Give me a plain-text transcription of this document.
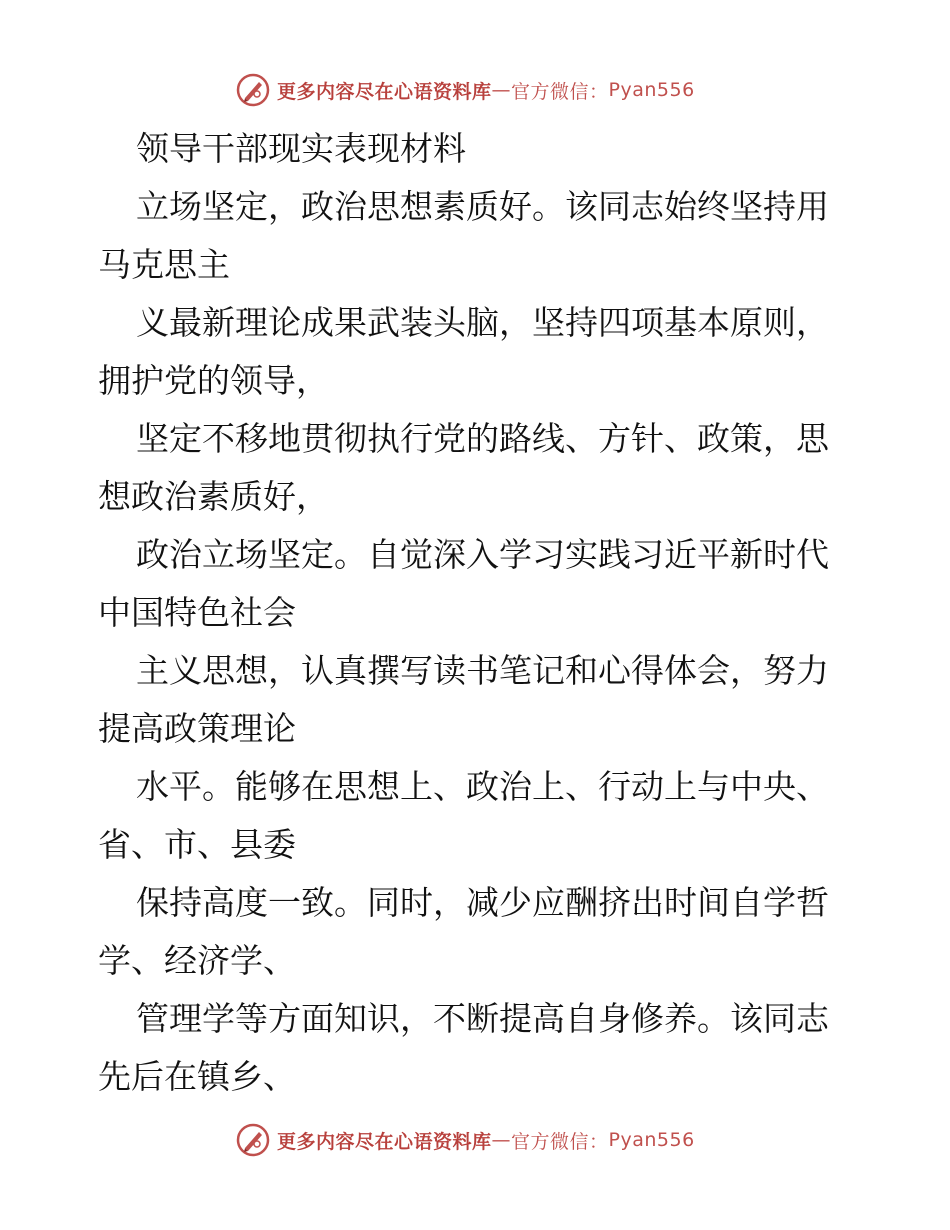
更多内容尽在心语资料库 — 官方微信： Pyan556
领导干部现实表现材料
立场坚定，政治思想素质好。该同志始终坚持用
马克思主
义最新理论成果武装头脑，坚持四项基本原则，
拥护党的领导，
坚定不移地贯彻执行党的路线、方针、政策，思
想政治素质好，
政治立场坚定。自觉深入学习实践习近平新时代
中国特色社会
主义思想，认真撰写读书笔记和心得体会，努力
提高政策理论
水平。能够在思想上、政治上、行动上与中央、
省、市、县委
保持高度一致。同时，减少应酬挤出时间自学哲
学、经济学、
管理学等方面知识，不断提高自身修养。该同志
先后在镇乡、
更多内容尽在心语资料库 — 官方微信： Pyan556
